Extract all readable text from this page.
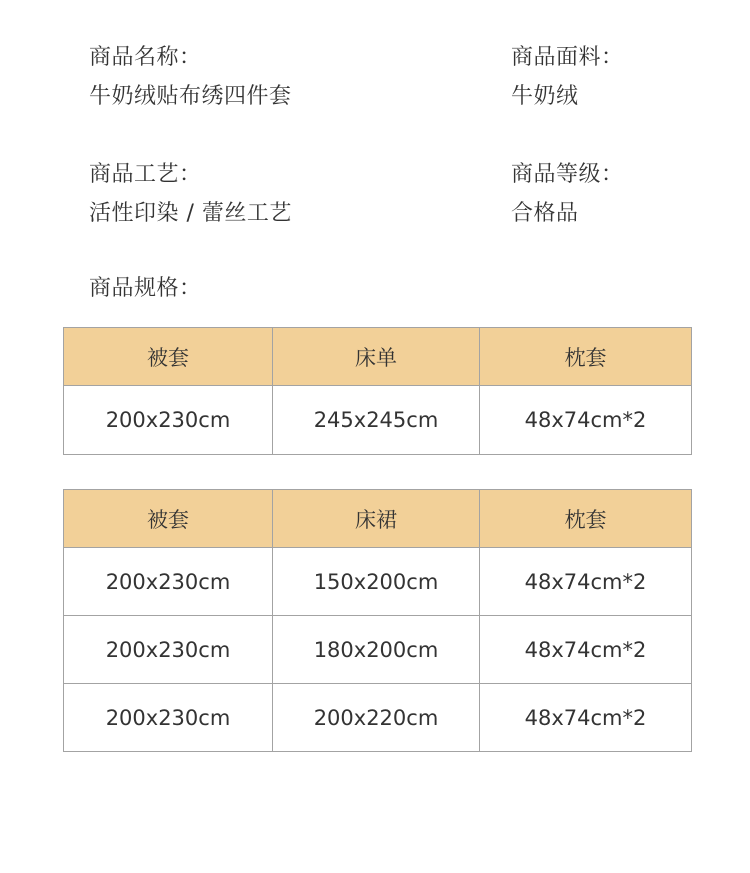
商品名称：
牛奶绒贴布绣四件套
商品面料：
牛奶绒
商品工艺：
活性印染 / 蕾丝工艺
商品等级：
合格品
商品规格：
被套	床单	枕套
200x230cm	245x245cm	48x74cm*2
被套	床裙	枕套
200x230cm	150x200cm	48x74cm*2
200x230cm	180x200cm	48x74cm*2
200x230cm	200x220cm	48x74cm*2
